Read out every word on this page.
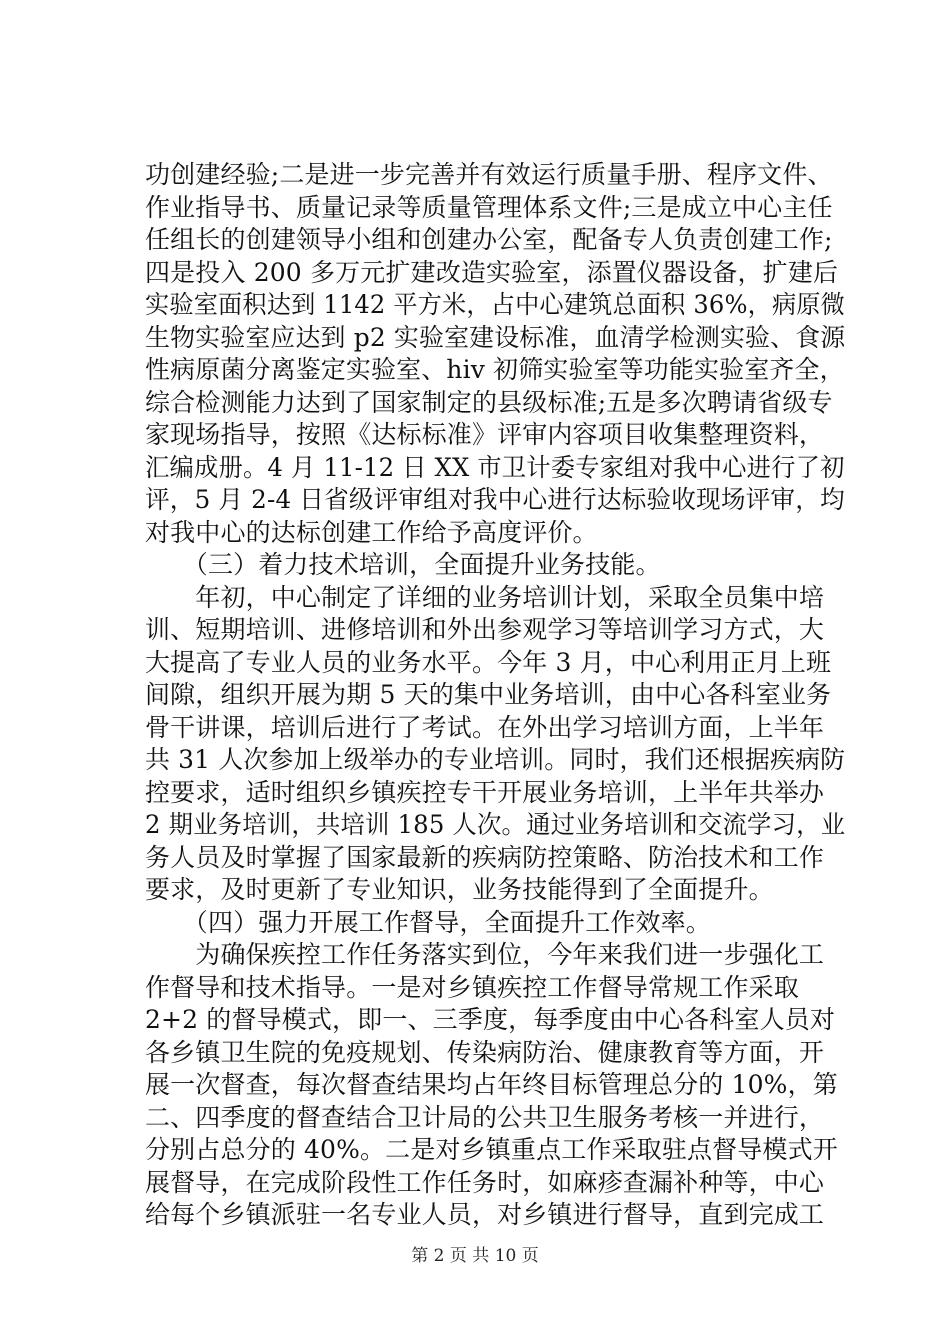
功创建经验;二是进一步完善并有效运行质量手册、程序文件、
作业指导书、质量记录等质量管理体系文件;三是成立中心主任
任组长的创建领导小组和创建办公室，配备专人负责创建工作;
四是投入 200 多万元扩建改造实验室，添置仪器设备，扩建后
实验室面积达到 1142 平方米，占中心建筑总面积 36%，病原微
生物实验室应达到 p2 实验室建设标准，血清学检测实验、食源
性病原菌分离鉴定实验室、hiv 初筛实验室等功能实验室齐全，
综合检测能力达到了国家制定的县级标准;五是多次聘请省级专
家现场指导，按照《达标标准》评审内容项目收集整理资料，
汇编成册。4 月 11-12 日 XX 市卫计委专家组对我中心进行了初
评，5 月 2-4 日省级评审组对我中心进行达标验收现场评审，均
对我中心的达标创建工作给予高度评价。
　　（三）着力技术培训，全面提升业务技能。
　　年初，中心制定了详细的业务培训计划，采取全员集中培
训、短期培训、进修培训和外出参观学习等培训学习方式，大
大提高了专业人员的业务水平。今年 3 月，中心利用正月上班
间隙，组织开展为期 5 天的集中业务培训，由中心各科室业务
骨干讲课，培训后进行了考试。在外出学习培训方面，上半年
共 31 人次参加上级举办的专业培训。同时，我们还根据疾病防
控要求，适时组织乡镇疾控专干开展业务培训，上半年共举办
2 期业务培训，共培训 185 人次。通过业务培训和交流学习，业
务人员及时掌握了国家最新的疾病防控策略、防治技术和工作
要求，及时更新了专业知识，业务技能得到了全面提升。
　　（四）强力开展工作督导，全面提升工作效率。
　　为确保疾控工作任务落实到位，今年来我们进一步强化工
作督导和技术指导。一是对乡镇疾控工作督导常规工作采取
2+2 的督导模式，即一、三季度，每季度由中心各科室人员对
各乡镇卫生院的免疫规划、传染病防治、健康教育等方面，开
展一次督查，每次督查结果均占年终目标管理总分的 10%，第
二、四季度的督查结合卫计局的公共卫生服务考核一并进行，
分别占总分的 40%。二是对乡镇重点工作采取驻点督导模式开
展督导，在完成阶段性工作任务时，如麻疹查漏补种等，中心
给每个乡镇派驻一名专业人员，对乡镇进行督导，直到完成工
第 2 页 共 10 页
